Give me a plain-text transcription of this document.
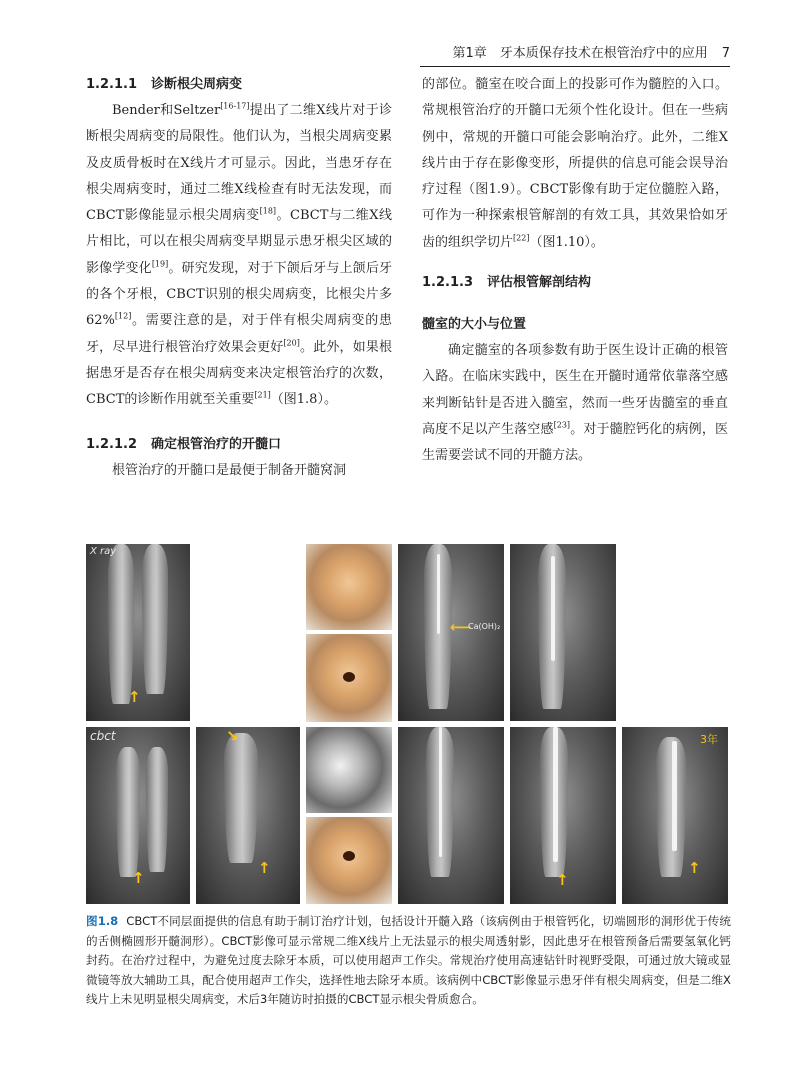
第1章　牙本质保存技术在根管治疗中的应用 7
1.2.1.1 诊断根尖周病变

Bender和Seltzer[16-17]提出了二维X线片对于诊断根尖周病变的局限性。他们认为，当根尖周病变累及皮质骨板时在X线片才可显示。因此，当患牙存在根尖周病变时，通过二维X线检查有时无法发现，而CBCT影像能显示根尖周病变[18]。CBCT与二维X线片相比，可以在根尖周病变早期显示患牙根尖区域的影像学变化[19]。研究发现，对于下颌后牙与上颌后牙的各个牙根，CBCT识别的根尖周病变，比根尖片多62%[12]。需要注意的是，对于伴有根尖周病变的患牙，尽早进行根管治疗效果会更好[20]。此外，如果根据患牙是否存在根尖周病变来决定根管治疗的次数，CBCT的诊断作用就至关重要[21]（图1.8）。

1.2.1.2 确定根管治疗的开髓口

根管治疗的开髓口是最便于制备开髓窝洞

的部位。髓室在咬合面上的投影可作为髓腔的入口。常规根管治疗的开髓口无须个性化设计。但在一些病例中，常规的开髓口可能会影响治疗。此外，二维X线片由于存在影像变形，所提供的信息可能会误导治疗过程（图1.9）。CBCT影像有助于定位髓腔入路，可作为一种探索根管解剖的有效工具，其效果恰如牙齿的组织学切片[22]（图1.10）。

1.2.1.3 评估根管解剖结构
髓室的大小与位置

确定髓室的各项参数有助于医生设计正确的根管入路。在临床实践中，医生在开髓时通常依靠落空感来判断钻针是否进入髓室，然而一些牙齿髓室的垂直高度不足以产生落空感[23]。对于髓腔钙化的病例，医生需要尝试不同的开髓方法。

X ray
↑
⟵
Ca(OH)₂
cbct
↑
↘
↑
↑
3年
↑
图1.8 CBCT不同层面提供的信息有助于制订治疗计划，包括设计开髓入路（该病例由于根管钙化，切端圆形的洞形优于传统的舌侧椭圆形开髓洞形）。CBCT影像可显示常规二维X线片上无法显示的根尖周透射影，因此患牙在根管预备后需要氢氧化钙封药。在治疗过程中，为避免过度去除牙本质，可以使用超声工作尖。常规治疗使用高速钻针时视野受限，可通过放大镜或显微镜等放大辅助工具，配合使用超声工作尖，选择性地去除牙本质。该病例中CBCT影像显示患牙伴有根尖周病变，但是二维X线片上未见明显根尖周病变，术后3年随访时拍摄的CBCT显示根尖骨质愈合。
